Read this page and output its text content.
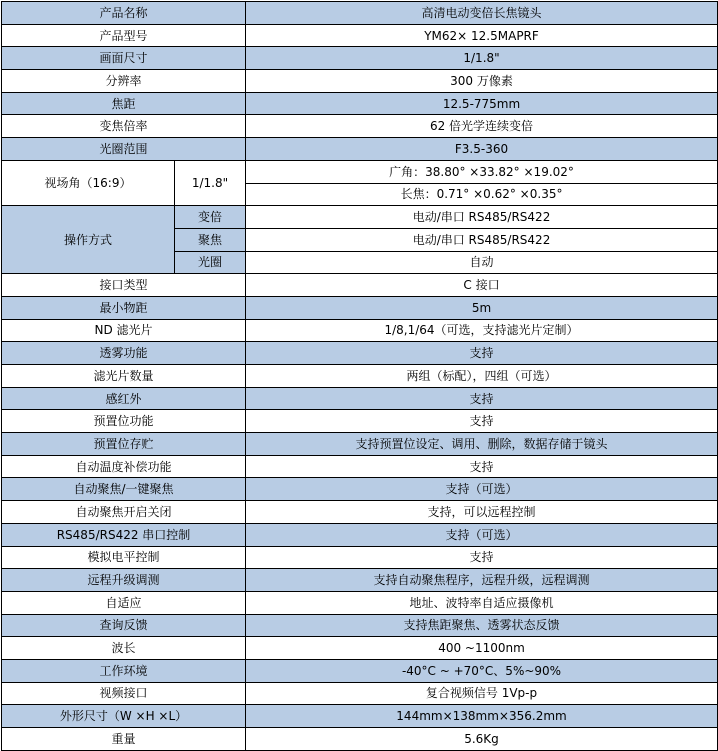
产品名称		高清电动变倍长焦镜头
产品型号		YM62× 12.5MAPRF
画面尺寸		1/1.8"
分辨率		300 万像素
焦距		12.5-775mm
变焦倍率		62 倍光学连续变倍
光圈范围		F3.5-360
视场角（16:9）	1/1.8"	广角：38.80° ×33.82° ×19.02°
		长焦：0.71° ×0.62° ×0.35°
操作方式	变倍	电动/串口 RS485/RS422
	聚焦	电动/串口 RS485/RS422
	光圈	自动
接口类型		C 接口
最小物距		5m
ND 滤光片		1/8,1/64（可选，支持滤光片定制）
透雾功能		支持
滤光片数量		两组（标配），四组（可选）
感红外		支持
预置位功能		支持
预置位存贮		支持预置位设定、调用、删除，数据存储于镜头
自动温度补偿功能		支持
自动聚焦/一键聚焦		支持（可选）
自动聚焦开启关闭		支持，可以远程控制
RS485/RS422 串口控制		支持（可选）
模拟电平控制		支持
远程升级调测		支持自动聚焦程序，远程升级，远程调测
自适应		地址、波特率自适应摄像机
查询反馈		支持焦距聚焦、透雾状态反馈
波长		400 ~1100nm
工作环境		-40°C ~ +70°C、5%~90%
视频接口		复合视频信号 1Vp-p
外形尺寸（W ×H ×L）		144mm×138mm×356.2mm
重量		5.6Kg
